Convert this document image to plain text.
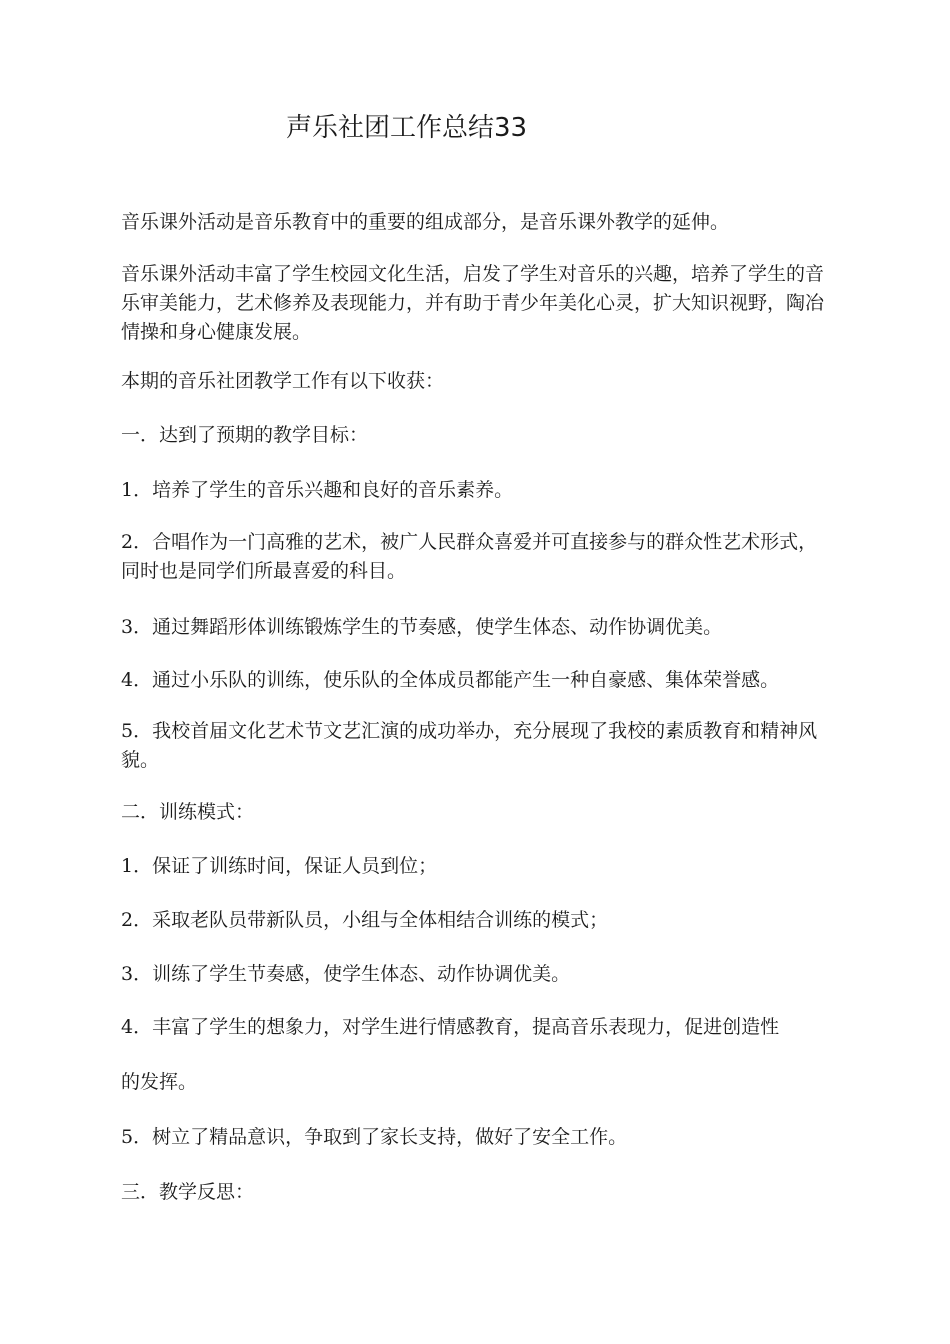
声乐社团工作总结33

音乐课外活动是音乐教育中的重要的组成部分，是音乐课外教学的延伸。

音乐课外活动丰富了学生校园文化生活，启发了学生对音乐的兴趣，培养了学生的音乐审美能力，艺术修养及表现能力，并有助于青少年美化心灵，扩大知识视野，陶冶情操和身心健康发展。

本期的音乐社团教学工作有以下收获：

一．达到了预期的教学目标：

1．培养了学生的音乐兴趣和良好的音乐素养。

2．合唱作为一门高雅的艺术，被广人民群众喜爱并可直接参与的群众性艺术形式，同时也是同学们所最喜爱的科目。

3．通过舞蹈形体训练锻炼学生的节奏感，使学生体态、动作协调优美。

4．通过小乐队的训练，使乐队的全体成员都能产生一种自豪感、集体荣誉感。

5．我校首届文化艺术节文艺汇演的成功举办，充分展现了我校的素质教育和精神风貌。

二．训练模式：

1．保证了训练时间，保证人员到位；

2．采取老队员带新队员，小组与全体相结合训练的模式；

3．训练了学生节奏感，使学生体态、动作协调优美。

4．丰富了学生的想象力，对学生进行情感教育，提高音乐表现力，促进创造性

的发挥。

5．树立了精品意识，争取到了家长支持，做好了安全工作。

三．教学反思：
